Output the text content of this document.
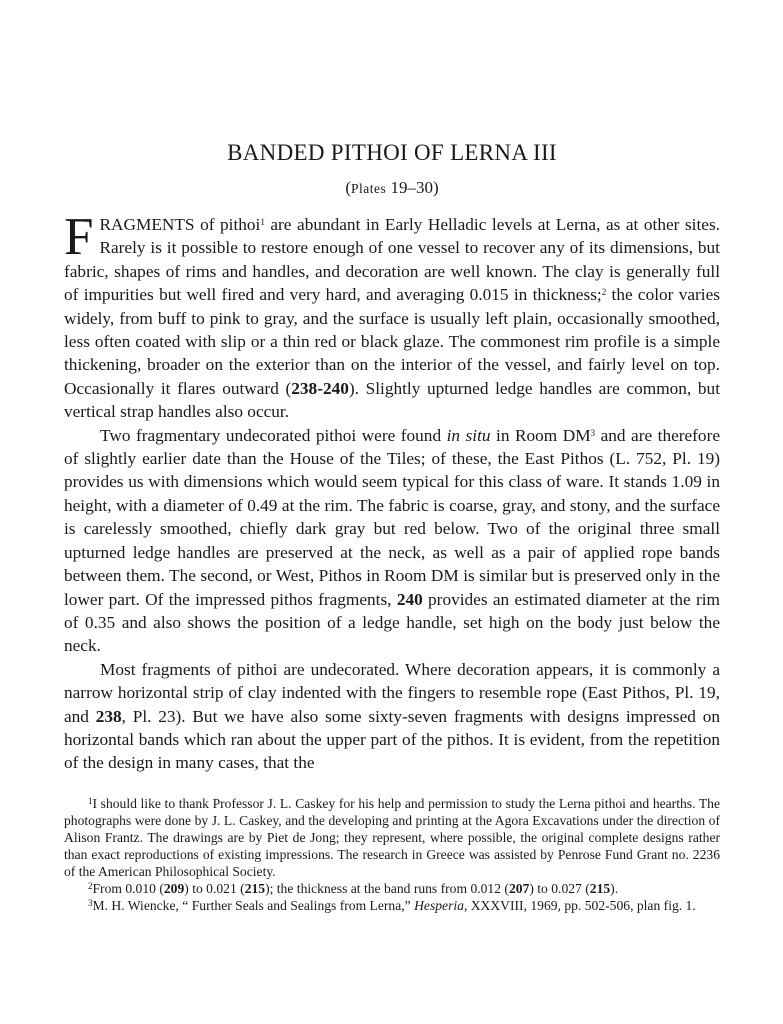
BANDED PITHOI OF LERNA III
(Plates 19–30)

FRAGMENTS of pithoi$^1$ are abundant in Early Helladic levels at Lerna, as at other sites. Rarely is it possible to restore enough of one vessel to recover any of its dimensions, but fabric, shapes of rims and handles, and decoration are well known. The clay is generally full of impurities but well fired and very hard, and averaging 0.015 in thickness;$^2$ the color varies widely, from buff to pink to gray, and the surface is usually left plain, occasionally smoothed, less often coated with slip or a thin red or black glaze. The commonest rim profile is a simple thickening, broader on the exterior than on the interior of the vessel, and fairly level on top. Occasionally it flares outward (238-240). Slightly upturned ledge handles are common, but vertical strap handles also occur.

Two fragmentary undecorated pithoi were found in situ in Room $DM^3$ and are therefore of slightly earlier date than the House of the Tiles; of these, the East Pithos (L. 752, Pl. 19) provides us with dimensions which would seem typical for this class of ware. It stands 1.09 in height, with a diameter of 0.49 at the rim. The fabric is coarse, gray, and stony, and the surface is carelessly smoothed, chiefly dark gray but red below. Two of the original three small upturned ledge handles are preserved at the neck, as well as a pair of applied rope bands between them. The second, or West, Pithos in Room DM is similar but is preserved only in the lower part. Of the impressed pithos fragments, 240 provides an estimated diameter at the rim of 0.35 and also shows the position of a ledge handle, set high on the body just below the neck.

Most fragments of pithoi are undecorated. Where decoration appears, it is commonly a narrow horizontal strip of clay indented with the fingers to resemble rope (East Pithos, Pl. 19, and 238, Pl. 23). But we have also some sixty-seven fragments with designs impressed on horizontal bands which ran about the upper part of the pithos. It is evident, from the repetition of the design in many cases, that the

$^1$I should like to thank Professor J. L. Caskey for his help and permission to study the Lerna pithoi and hearths. The photographs were done by J. L. Caskey, and the developing and printing at the Agora Excavations under the direction of Alison Frantz. The drawings are by Piet de Jong; they represent, where possible, the original complete designs rather than exact reproductions of existing impressions. The research in Greece was assisted by Penrose Fund Grant no. 2236 of the American Philosophical Society.

$^2$From 0.010 (209) to 0.021 (215); the thickness at the band runs from 0.012 (207) to 0.027 (215).

$^3$M. H. Wiencke, “ Further Seals and Sealings from Lerna,” Hesperia, XXXVIII, 1969, pp. 502-506, plan fig. 1.
